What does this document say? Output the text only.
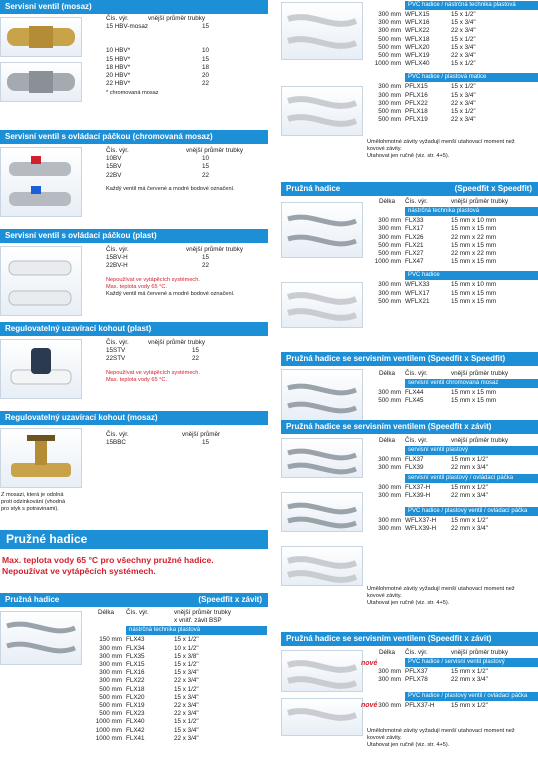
Servisní ventil (mosaz)
Čís. výr.	vnější průměr trubky
15 HBV-mosaz	15
10 HBV*	10
15 HBV*	15
18 HBV*	18
20 HBV*	20
22 HBV*	22
* chromovaná mosaz
Servisní ventil s ovládací páčkou (chromovaná mosaz)
Čís. výr.	vnější průměr trubky
10BV	10
15BV	15
22BV	22
Každý ventil má červené a modré bodové označení.
Servisní ventil s ovládací páčkou (plast)
Čís. výr.	vnější průměr trubky
15BV-H	15
22BV-H	22
Nepoužívat ve vytápěcích systémech.
Max. teplota vody 65 °C.
Každý ventil má červené a modré bodové označení.
Regulovatelný uzavírací kohout (plast)
Čís. výr.	vnější průměr trubky
15STV	15
22STV	22
Nepoužívat ve vytápěcích systémech.
Max. teplota vody 65 °C.
Regulovatelný uzavírací kohout (mosaz)
Z mosazi, která je odolná
proti odzinkování (vhodná
pro styk s potravinami).
Čís. výr.	vnější průměr
15BBC	15
Pružné hadice
Max. teplota vody 65 °C pro všechny pružné hadice.
Nepoužívat ve vytápěcích systémech.
Pružná hadice	(Speedfit x závit)
Délka	Čís. výr.	vnější průměr trubky
x vnitř. závit BSP
nástrčná technika plastová
150 mm FLX43	15 x 1/2"
300 mm FLX34	10 x 1/2"
300 mm FLX35	15 x 3/8"
300 mm FLX15	15 x 1/2"
300 mm FLX16	15 x 3/4"
300 mm FLX22	22 x 3/4"
500 mm FLX18	15 x 1/2"
500 mm FLX20	15 x 3/4"
500 mm FLX19	22 x 3/4"
500 mm FLX23	22 x 3/4"
1000 mm FLX40	15 x 1/2"
1000 mm FLX42	15 x 3/4"
1000 mm FLX41	22 x 3/4"
PVC hadice / nástrčná technika plastová
300 mm WFLX15	15 x 1/2"
300 mm WFLX16	15 x 3/4"
300 mm WFLX22	22 x 3/4"
500 mm WFLX18	15 x 1/2"
500 mm WFLX20	15 x 3/4"
500 mm WFLX19	22 x 3/4"
1000 mm WFLX40	15 x 1/2"
PVC hadice / plastová matice
300 mm PFLX15	15 x 1/2"
300 mm PFLX16	15 x 3/4"
300 mm PFLX22	22 x 3/4"
500 mm PFLX18	15 x 1/2"
500 mm PFLX19	22 x 3/4"
Umělohmotné závity vyžadují menší utahovací moment než
kovové závity.
Utahovat jen ručně (viz. str. 4+5).
Pružná hadice	(Speedfit x Speedfit)
Délka	Čís. výr.	vnější průměr trubky
nástrčná technika plastová
300 mm FLX33	15 mm x 10 mm
300 mm FLX17	15 mm x 15 mm
300 mm FLX26	22 mm x 22 mm
500 mm FLX21	15 mm x 15 mm
500 mm FLX27	22 mm x 22 mm
1000 mm FLX47	15 mm x 15 mm
PVC hadice
300 mm WFLX33	15 mm x 10 mm
300 mm WFLX17	15 mm x 15 mm
500 mm WFLX21	15 mm x 15 mm
Pružná hadice se servisním ventilem (Speedfit x Speedfit)
Délka	Čís. výr.	vnější průměr trubky
servisní ventil chromovaná mosaz
300 mm FLX44	15 mm x 15 mm
500 mm FLX45	15 mm x 15 mm
Pružná hadice se servisním ventilem (Speedfit x závit)
Délka	Čís. výr.	vnější průměr trubky
servisní ventil plastový
300 mm FLX37	15 mm x 1/2"
300 mm FLX39	22 mm x 3/4"
servisní ventil plastový / ovládací páčka
300 mm FLX37-H	15 mm x 1/2"
300 mm FLX39-H	22 mm x 3/4"
PVC hadice / plastový ventil / ovládací páčka
300 mm WFLX37-H	15 mm x 1/2"
300 mm WFLX39-H	22 mm x 3/4"
Umělohmotné závity vyžadují menší utahovací moment než
kovové závity.
Utahovat jen ručně (viz. str. 4+5).
Pružná hadice se servisním ventilem (Speedfit x závit)
nové
nové
Délka	Čís. výr.	vnější průměr trubky
PVC hadice / servisní ventil plastový
300 mm PFLX37	15 mm x 1/2"
300 mm PFLX78	22 mm x 3/4"
PVC hadice / plastový ventil / ovládací páčka
300 mm PFLX37-H	15 mm x 1/2"
Umělohmotné závity vyžadují menší utahovací moment než
kovové závity.
Utahovat jen ručně (viz. str. 4+5).
